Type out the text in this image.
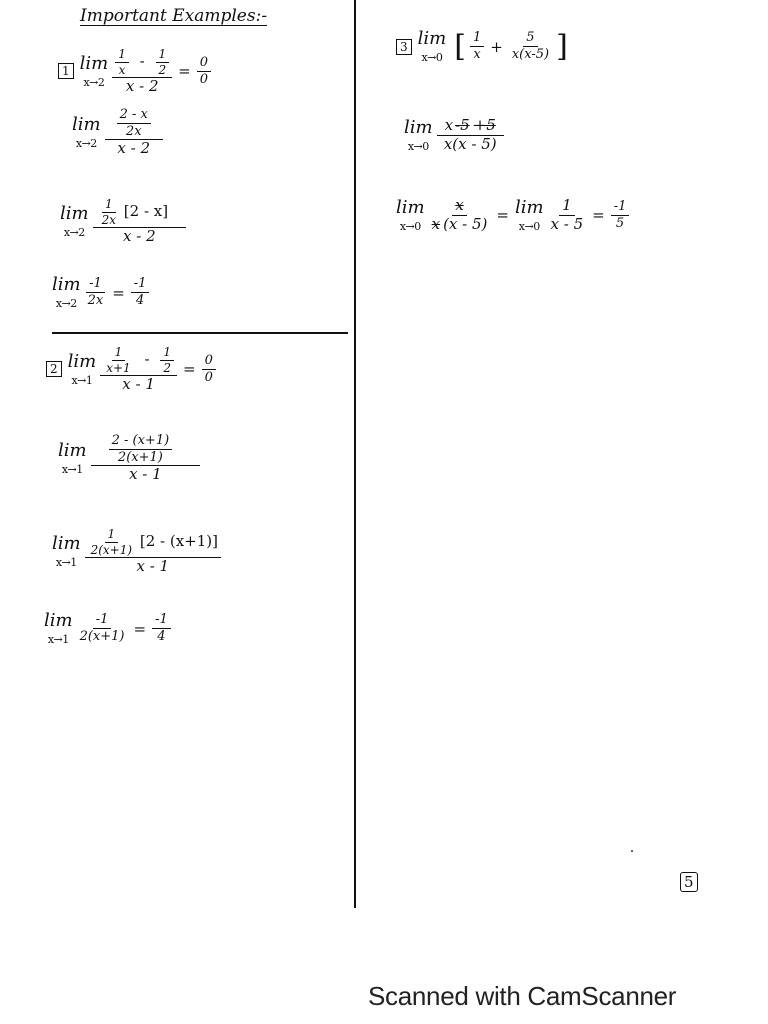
Important Examples:-
1 lim
$x\to 2 \frac{\frac{1}{x} - \frac{1}{2}}{x - 2} = \frac{0}{0}$
lim
$x\to 2 \frac{\frac{2 - x}{2x}}{x - 2}$
lim
$x\to 2 \frac{\frac{1}{2x} [2 - x]}{x - 2}$
lim
$x\to 2 \frac{-1}{2x} = \frac{-1}{4}$
2 lim
$x\to 1 \frac{\frac{1}{x+1} - \frac{1}{2}}{x - 1} = \frac{0}{0}$
lim
$x\to 1 \frac{\frac{2 - (x+1)}{2(x+1)}}{x - 1}$
lim
$x\to 1 \frac{\frac{1}{2(x+1)} [2 - (x+1)]}{x - 1}$
lim
$x\to 1 \frac{-1}{2(x+1)} = \frac{-1}{4}$
3 lim
x→0 [ $\frac{1}{x} + \frac{5}{x(x-5)}$ ]
lim
$x\to 0 \frac{x -5 +5}{x(x - 5)}$
lim
$x\to 0 \frac{x}{x (x - 5)} = \lim$
$x\to 0 \frac{1}{x - 5} = \frac{-1}{5}$
5
Scanned with CamScanner
